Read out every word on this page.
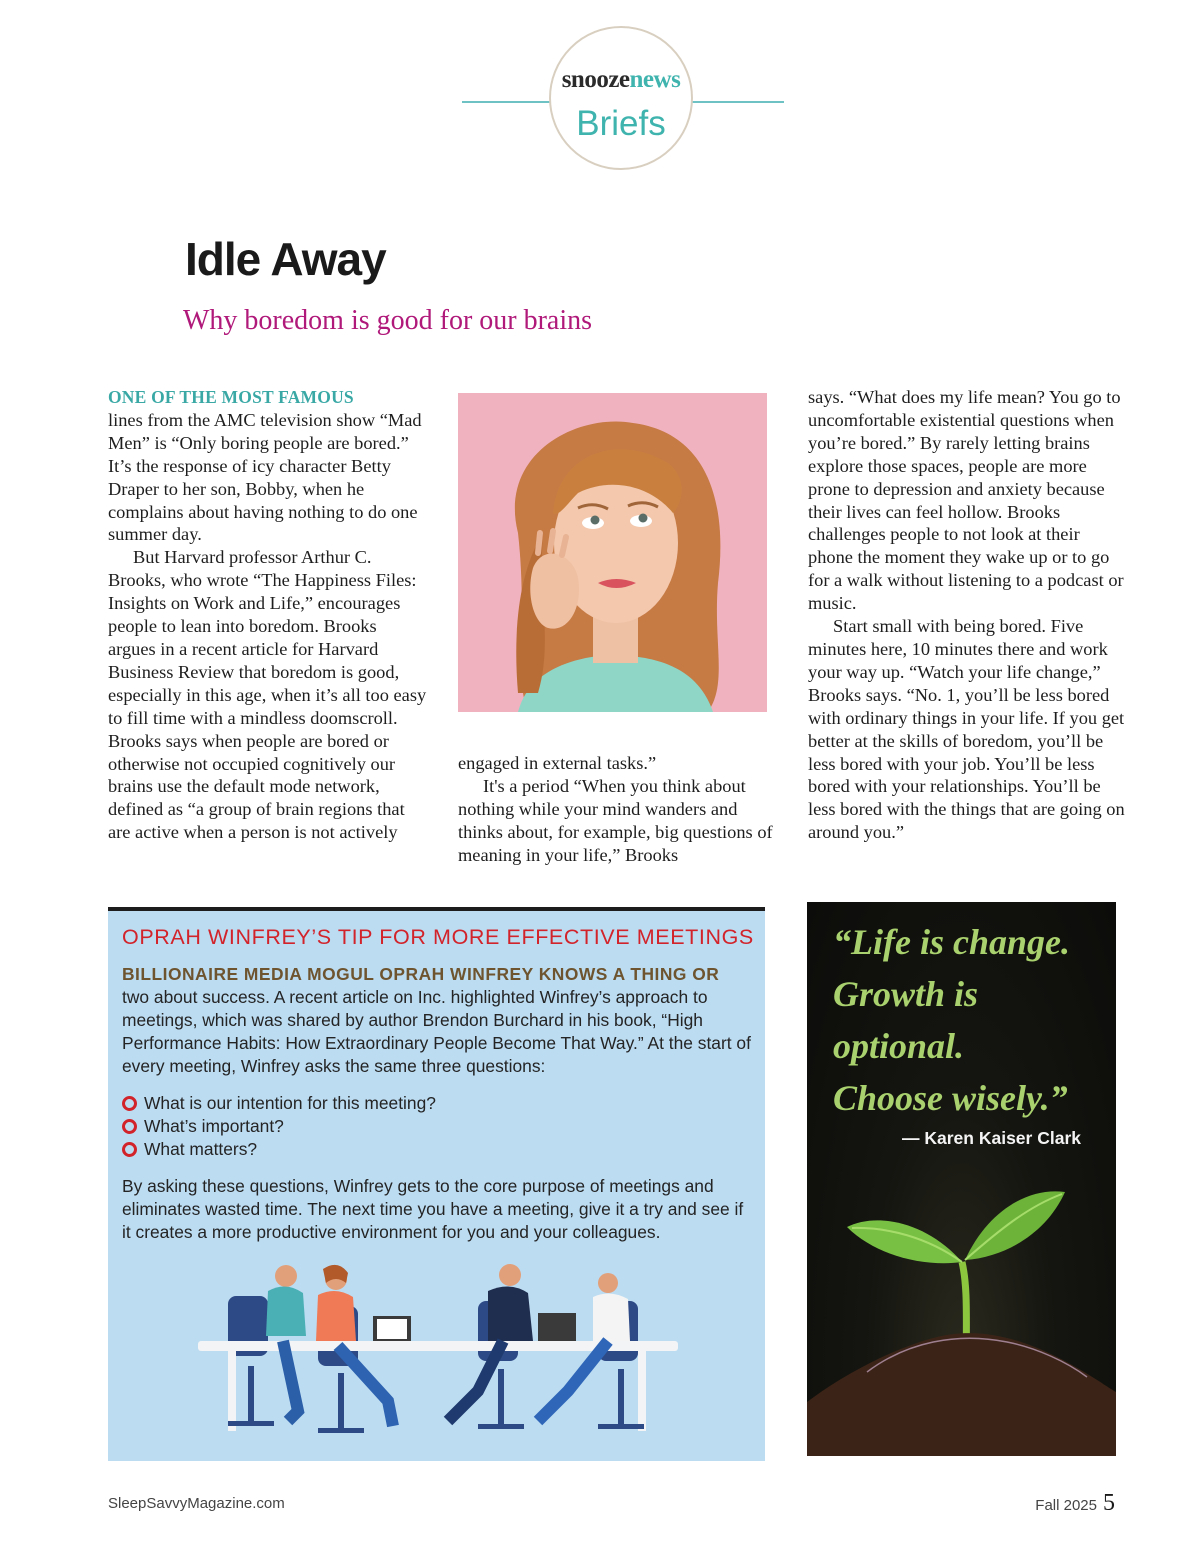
snoozenews
Briefs
Idle Away
Why boredom is good for our brains

ONE OF THE MOST FAMOUS
lines from the AMC television show “Mad Men” is “Only boring people are bored.” It’s the response of icy character Betty Draper to her son, Bobby, when he complains about having nothing to do one summer day.

But Harvard professor Arthur C. Brooks, who wrote “The Happiness Files: Insights on Work and Life,” encourages people to lean into boredom. Brooks argues in a recent article for Harvard Business Review that boredom is good, especially in this age, when it’s all too easy to fill time with a mindless doomscroll. Brooks says when people are bored or otherwise not occupied cognitively our brains use the default mode network, defined as “a group of brain regions that are active when a person is not actively

engaged in external tasks.”

It's a period “When you think about nothing while your mind wanders and thinks about, for example, big questions of meaning in your life,” Brooks

says. “What does my life mean? You go to uncomfortable existential questions when you’re bored.” By rarely letting brains explore those spaces, people are more prone to depression and anxiety because their lives can feel hollow. Brooks challenges people to not look at their phone the moment they wake up or to go for a walk without listening to a podcast or music.

Start small with being bored. Five minutes here, 10 minutes there and work your way up. “Watch your life change,” Brooks says. “No. 1, you’ll be less bored with ordinary things in your life. If you get better at the skills of boredom, you’ll be less bored with your job. You’ll be less bored with your relationships. You’ll be less bored with the things that are going on around you.”

OPRAH WINFREY’S TIP FOR MORE EFFECTIVE MEETINGS

BILLIONAIRE MEDIA MOGUL OPRAH WINFREY KNOWS A THING OR
two about success. A recent article on Inc. highlighted Winfrey’s approach to meetings, which was shared by author Brendon Burchard in his book, “High Performance Habits: How Extraordinary People Become That Way.” At the start of every meeting, Winfrey asks the same three questions:

What is our intention for this meeting?
What’s important?
What matters?

By asking these questions, Winfrey gets to the core purpose of meetings and eliminates wasted time. The next time you have a meeting, give it a try and see if it creates a more productive environment for you and your colleagues.

“Life is change.
Growth is
optional.
Choose wisely.”
— Karen Kaiser Clark
SleepSavvyMagazine.com	Fall 2025 5
